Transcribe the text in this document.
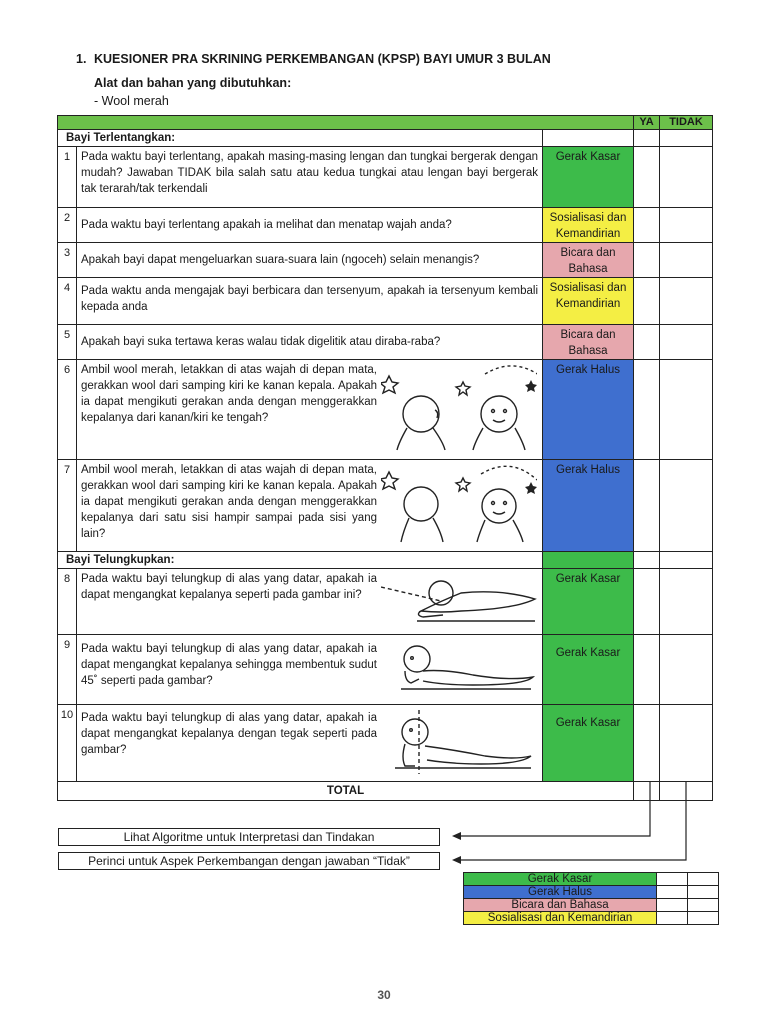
1. KUESIONER PRA SKRINING PERKEMBANGAN (KPSP) BAYI UMUR 3 BULAN
Alat dan bahan yang dibutuhkan:
- Wool merah
			YA	TIDAK
Bayi Terlentangkan:				
1	Pada waktu bayi terlentang, apakah masing-masing lengan dan tungkai bergerak dengan mudah? Jawaban TIDAK bila salah satu atau kedua tungkai atau lengan bayi bergerak tak terarah/tak terkendali	Gerak Kasar		
2	Pada waktu bayi terlentang apakah ia melihat dan menatap wajah anda?	Sosialisasi dan Kemandirian		
3	Apakah bayi dapat mengeluarkan suara-suara lain (ngoceh) selain menangis?	Bicara dan Bahasa		
4	Pada waktu anda mengajak bayi berbicara dan tersenyum, apakah ia tersenyum kembali kepada anda	Sosialisasi dan Kemandirian		
5	Apakah bayi suka tertawa keras walau tidak digelitik atau diraba-raba?	Bicara dan Bahasa		
6	Ambil wool merah, letakkan di atas wajah di depan mata, gerakkan wool dari samping kiri ke kanan kepala. Apakah ia dapat mengikuti gerakan anda dengan menggerakkan kepalanya dari kanan/kiri ke tengah?	Gerak Halus		
7	Ambil wool merah, letakkan di atas wajah di depan mata, gerakkan wool dari samping kiri ke kanan kepala. Apakah ia dapat mengikuti gerakan anda dengan menggerakkan kepalanya dari satu sisi hampir sampai pada sisi yang lain?	Gerak Halus		
Bayi Telungkupkan:				
8	Pada waktu bayi telungkup di alas yang datar, apakah ia dapat mengangkat kepalanya seperti pada gambar ini?	Gerak Kasar		
9	Pada waktu bayi telungkup di alas yang datar, apakah ia dapat mengangkat kepalanya sehingga membentuk sudut 45˚ seperti pada gambar?	Gerak Kasar		
10	Pada waktu bayi telungkup di alas yang datar, apakah ia dapat mengangkat kepalanya dengan tegak seperti pada gambar?	Gerak Kasar		
TOTAL				
Lihat Algoritme untuk Interpretasi dan Tindakan
Perinci untuk Aspek Perkembangan dengan jawaban “Tidak”
Gerak Kasar		
Gerak Halus		
Bicara dan Bahasa		
Sosialisasi dan Kemandirian		
30
